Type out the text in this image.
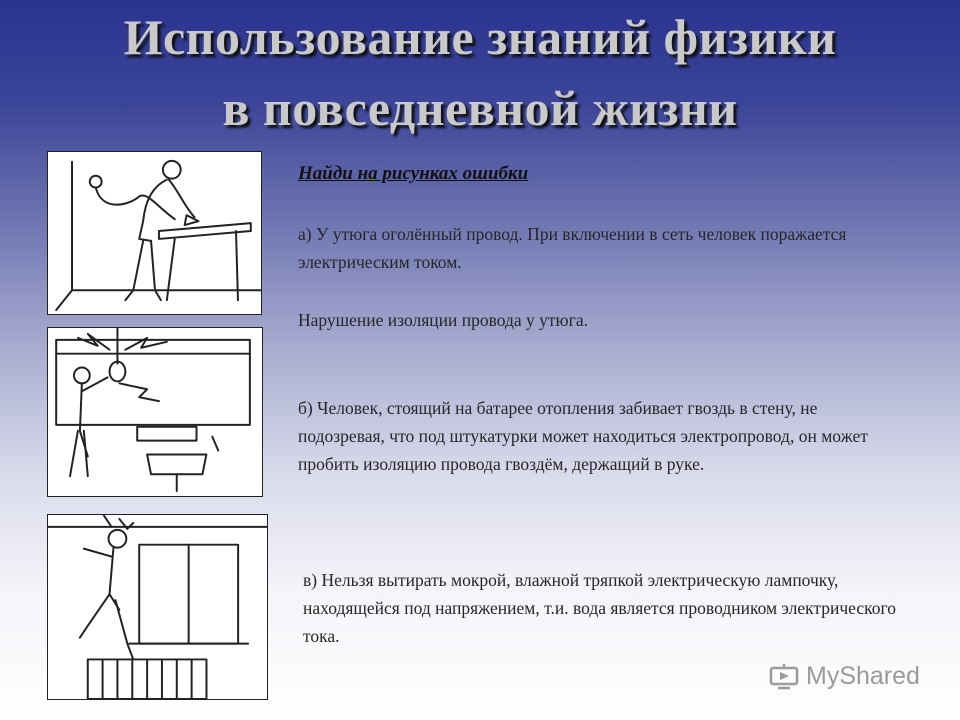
Использование знаний физики
в повседневной жизни

Найди на рисунках ошибки

а) У утюга оголённый провод. При включении в сеть человек поражается электрическим током.

Нарушение изоляции провода у утюга.

б) Человек, стоящий на батарее отопления забивает гвоздь в стену, не подозревая, что под штукатурки может находиться электропровод, он может пробить изоляцию провода гвоздём, держащий в руке.

в) Нельзя вытирать мокрой, влажной тряпкой электрическую лампочку, находящейся под напряжением, т.и. вода является проводником электрического тока.

MyShared
